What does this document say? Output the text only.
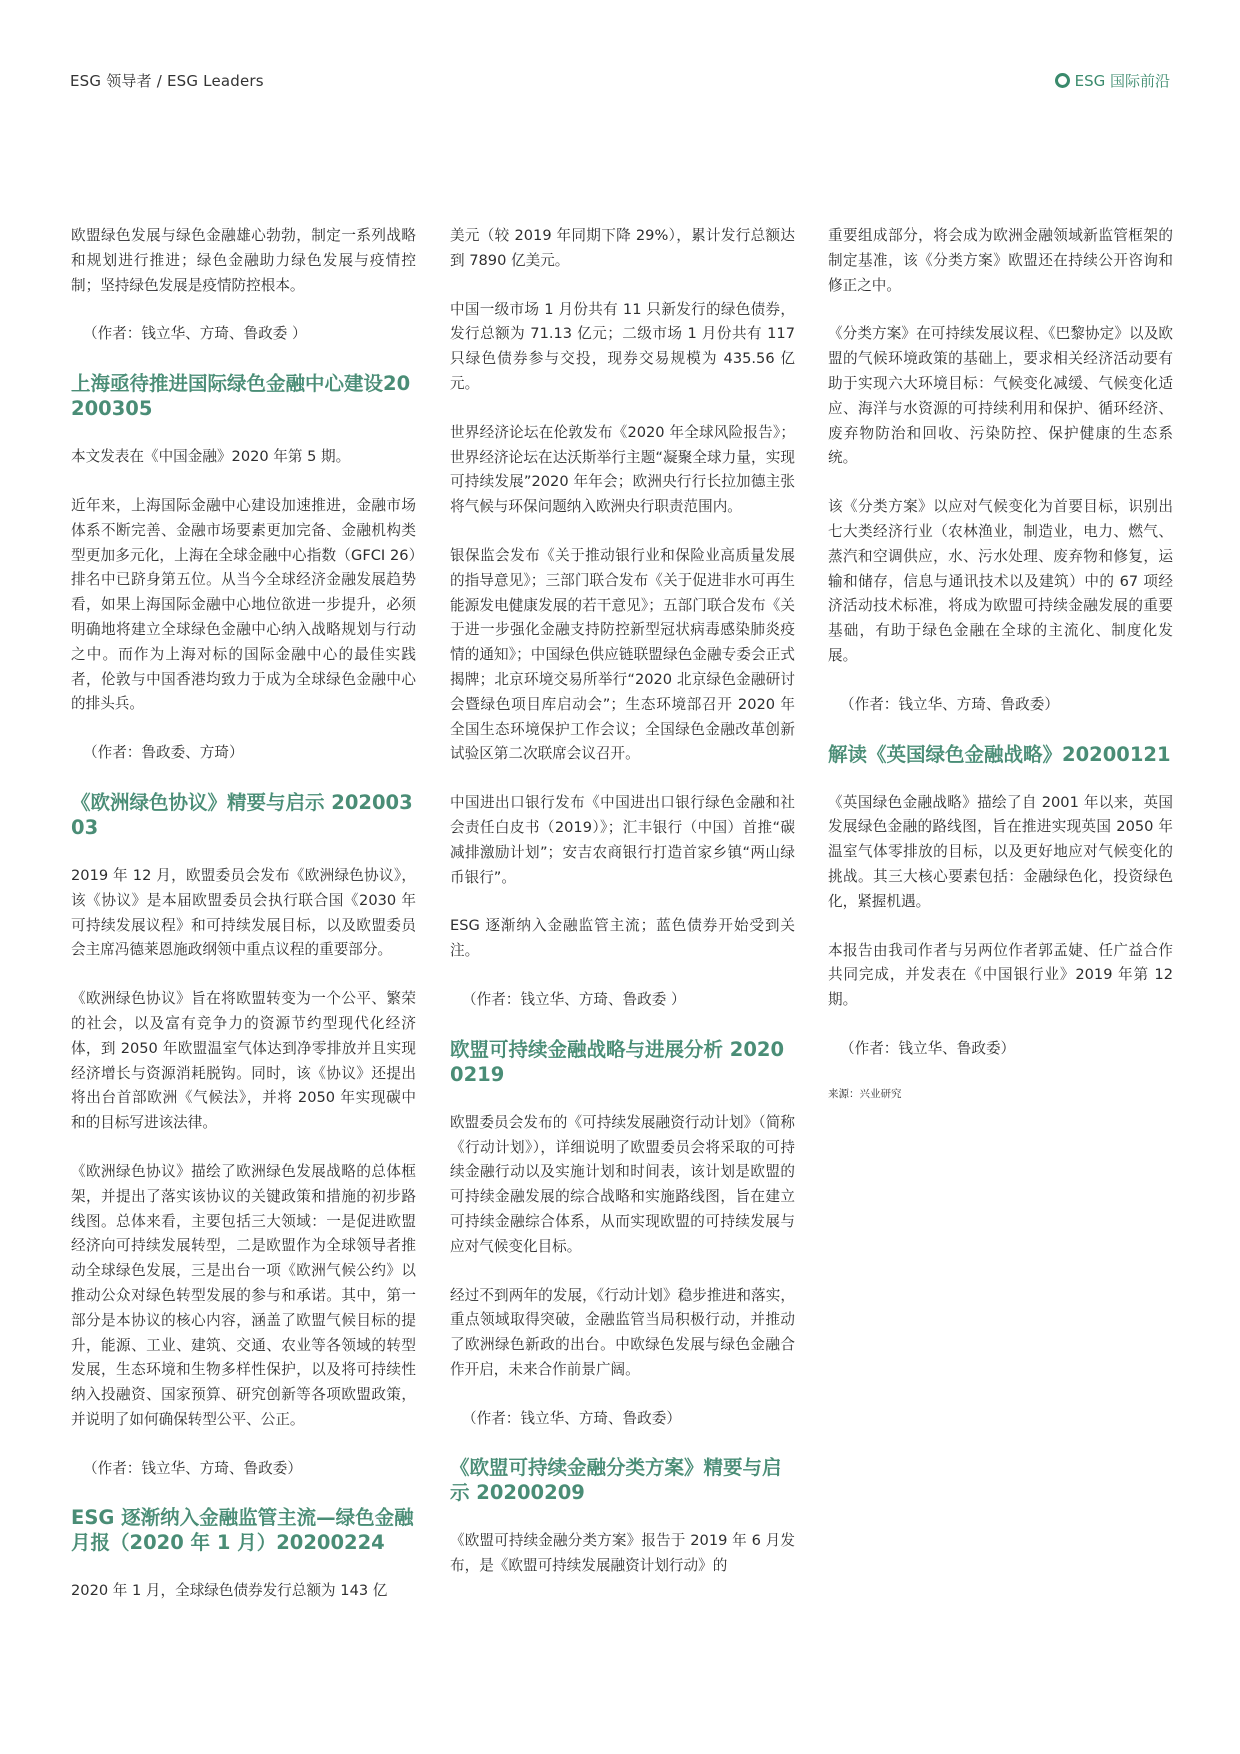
ESG 领导者 / ESG Leaders	ESG 国际前沿

欧盟绿色发展与绿色金融雄心勃勃，制定一系列战略和规划进行推进；绿色金融助力绿色发展与疫情控制；坚持绿色发展是疫情防控根本。

（作者：钱立华、方琦、鲁政委 ）

上海亟待推进国际绿色金融中心建设20200305

本文发表在《中国金融》2020 年第 5 期。

近年来，上海国际金融中心建设加速推进，金融市场体系不断完善、金融市场要素更加完备、金融机构类型更加多元化，上海在全球金融中心指数（GFCI 26）排名中已跻身第五位。从当今全球经济金融发展趋势看，如果上海国际金融中心地位欲进一步提升，必须明确地将建立全球绿色金融中心纳入战略规划与行动之中。而作为上海对标的国际金融中心的最佳实践者，伦敦与中国香港均致力于成为全球绿色金融中心的排头兵。

（作者：鲁政委、方琦）

《欧洲绿色协议》精要与启示 20200303

2019 年 12 月，欧盟委员会发布《欧洲绿色协议》，该《协议》是本届欧盟委员会执行联合国《2030 年可持续发展议程》和可持续发展目标，以及欧盟委员会主席冯德莱恩施政纲领中重点议程的重要部分。

《欧洲绿色协议》旨在将欧盟转变为一个公平、繁荣的社会，以及富有竞争力的资源节约型现代化经济体，到 2050 年欧盟温室气体达到净零排放并且实现经济增长与资源消耗脱钩。同时，该《协议》还提出将出台首部欧洲《气候法》，并将 2050 年实现碳中和的目标写进该法律。

《欧洲绿色协议》描绘了欧洲绿色发展战略的总体框架，并提出了落实该协议的关键政策和措施的初步路线图。总体来看，主要包括三大领域：一是促进欧盟经济向可持续发展转型，二是欧盟作为全球领导者推动全球绿色发展，三是出台一项《欧洲气候公约》以推动公众对绿色转型发展的参与和承诺。其中，第一部分是本协议的核心内容，涵盖了欧盟气候目标的提升，能源、工业、建筑、交通、农业等各领域的转型发展，生态环境和生物多样性保护，以及将可持续性纳入投融资、国家预算、研究创新等各项欧盟政策，并说明了如何确保转型公平、公正。

（作者：钱立华、方琦、鲁政委）

ESG 逐渐纳入金融监管主流—绿色金融月报（2020 年 1 月）20200224

2020 年 1 月，全球绿色债券发行总额为 143 亿

美元（较 2019 年同期下降 29%），累计发行总额达到 7890 亿美元。

中国一级市场 1 月份共有 11 只新发行的绿色债券，发行总额为 71.13 亿元；二级市场 1 月份共有 117 只绿色债券参与交投，现券交易规模为 435.56 亿元。

世界经济论坛在伦敦发布《2020 年全球风险报告》；世界经济论坛在达沃斯举行主题“凝聚全球力量，实现可持续发展”2020 年年会；欧洲央行行长拉加德主张将气候与环保问题纳入欧洲央行职责范围内。

银保监会发布《关于推动银行业和保险业高质量发展的指导意见》；三部门联合发布《关于促进非水可再生能源发电健康发展的若干意见》；五部门联合发布《关于进一步强化金融支持防控新型冠状病毒感染肺炎疫情的通知》；中国绿色供应链联盟绿色金融专委会正式揭牌；北京环境交易所举行“2020 北京绿色金融研讨会暨绿色项目库启动会”；生态环境部召开 2020 年全国生态环境保护工作会议；全国绿色金融改革创新试验区第二次联席会议召开。

中国进出口银行发布《中国进出口银行绿色金融和社会责任白皮书（2019）》；汇丰银行（中国）首推“碳减排激励计划”；安吉农商银行打造首家乡镇“两山绿币银行”。

ESG 逐渐纳入金融监管主流；蓝色债券开始受到关注。

（作者：钱立华、方琦、鲁政委 ）

欧盟可持续金融战略与进展分析 20200219

欧盟委员会发布的《可持续发展融资行动计划》（简称《行动计划》），详细说明了欧盟委员会将采取的可持续金融行动以及实施计划和时间表，该计划是欧盟的可持续金融发展的综合战略和实施路线图，旨在建立可持续金融综合体系，从而实现欧盟的可持续发展与应对气候变化目标。

经过不到两年的发展，《行动计划》稳步推进和落实，重点领域取得突破，金融监管当局积极行动，并推动了欧洲绿色新政的出台。中欧绿色发展与绿色金融合作开启，未来合作前景广阔。

（作者：钱立华、方琦、鲁政委）

《欧盟可持续金融分类方案》精要与启示 20200209

《欧盟可持续金融分类方案》报告于 2019 年 6 月发布，是《欧盟可持续发展融资计划行动》的

重要组成部分，将会成为欧洲金融领域新监管框架的制定基准，该《分类方案》欧盟还在持续公开咨询和修正之中。

《分类方案》在可持续发展议程、《巴黎协定》以及欧盟的气候环境政策的基础上，要求相关经济活动要有助于实现六大环境目标：气候变化减缓、气候变化适应、海洋与水资源的可持续利用和保护、循环经济、废弃物防治和回收、污染防控、保护健康的生态系统。

该《分类方案》以应对气候变化为首要目标，识别出七大类经济行业（农林渔业，制造业，电力、燃气、蒸汽和空调供应，水、污水处理、废弃物和修复，运输和储存，信息与通讯技术以及建筑）中的 67 项经济活动技术标准，将成为欧盟可持续金融发展的重要基础，有助于绿色金融在全球的主流化、制度化发展。

（作者：钱立华、方琦、鲁政委）

解读《英国绿色金融战略》20200121

《英国绿色金融战略》描绘了自 2001 年以来，英国发展绿色金融的路线图，旨在推进实现英国 2050 年温室气体零排放的目标，以及更好地应对气候变化的挑战。其三大核心要素包括：金融绿色化，投资绿色化，紧握机遇。

本报告由我司作者与另两位作者郭孟婕、任广益合作共同完成，并发表在《中国银行业》2019 年第 12 期。

（作者：钱立华、鲁政委）

来源：兴业研究
